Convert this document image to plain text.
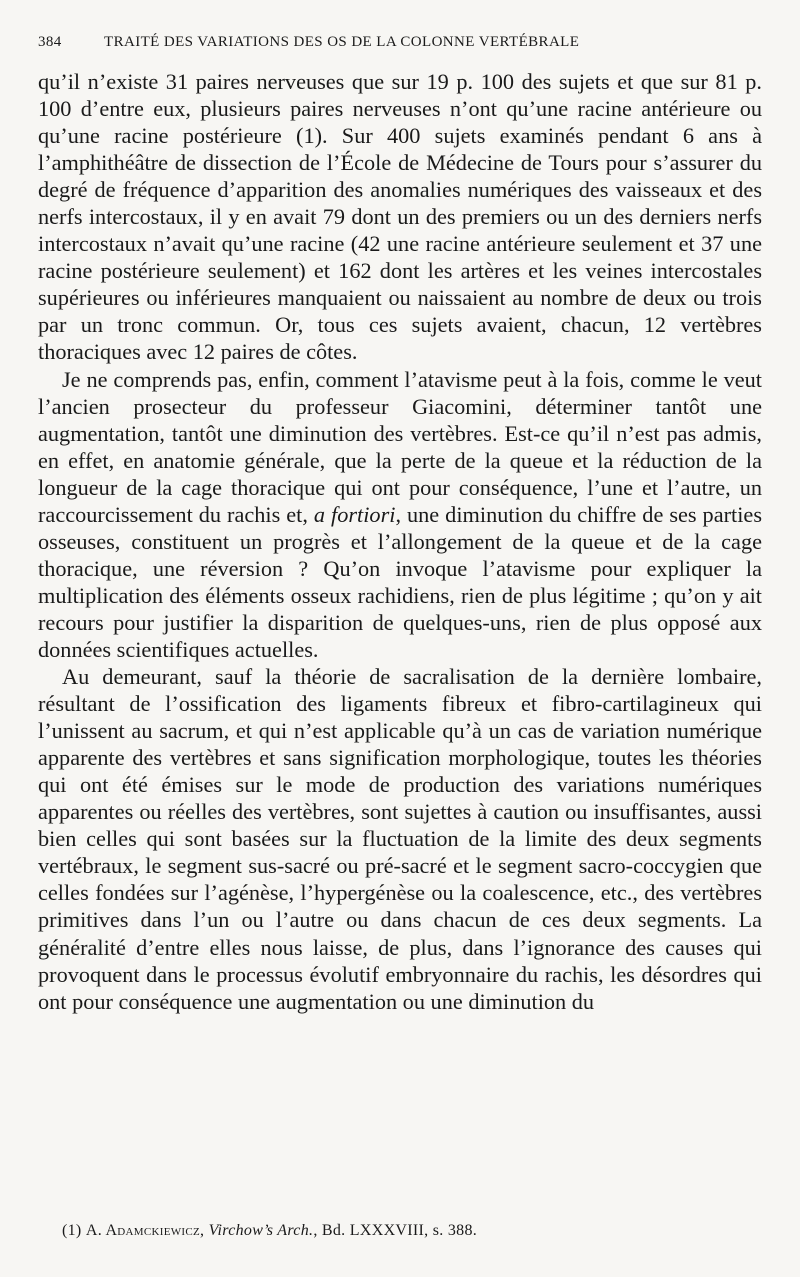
384	TRAITÉ DES VARIATIONS DES OS DE LA COLONNE VERTÉBRALE

qu’il n’existe 31 paires nerveuses que sur 19 p. 100 des sujets et que sur 81 p. 100 d’entre eux, plusieurs paires nerveuses n’ont qu’une racine antérieure ou qu’une racine postérieure (1). Sur 400 sujets examinés pendant 6 ans à l’amphithéâtre de dissection de l’École de Médecine de Tours pour s’assurer du degré de fréquence d’apparition des anomalies numériques des vaisseaux et des nerfs intercostaux, il y en avait 79 dont un des premiers ou un des derniers nerfs intercostaux n’avait qu’une racine (42 une racine antérieure seulement et 37 une racine postérieure seulement) et 162 dont les artères et les veines intercostales supérieures ou inférieures manquaient ou naissaient au nombre de deux ou trois par un tronc commun. Or, tous ces sujets avaient, chacun, 12 vertèbres thoraciques avec 12 paires de côtes.

Je ne comprends pas, enfin, comment l’atavisme peut à la fois, comme le veut l’ancien prosecteur du professeur Giacomini, déterminer tantôt une augmentation, tantôt une diminution des vertèbres. Est-ce qu’il n’est pas admis, en effet, en anatomie générale, que la perte de la queue et la réduction de la longueur de la cage thoracique qui ont pour conséquence, l’une et l’autre, un raccourcissement du rachis et, a fortiori, une diminution du chiffre de ses parties osseuses, constituent un progrès et l’allongement de la queue et de la cage thoracique, une réversion ? Qu’on invoque l’atavisme pour expliquer la multiplication des éléments osseux rachidiens, rien de plus légitime ; qu’on y ait recours pour justifier la disparition de quelques-uns, rien de plus opposé aux données scientifiques actuelles.

Au demeurant, sauf la théorie de sacralisation de la dernière lombaire, résultant de l’ossification des ligaments fibreux et fibro-cartilagineux qui l’unissent au sacrum, et qui n’est applicable qu’à un cas de variation numérique apparente des vertèbres et sans signification morphologique, toutes les théories qui ont été émises sur le mode de production des variations numériques apparentes ou réelles des vertèbres, sont sujettes à caution ou insuffisantes, aussi bien celles qui sont basées sur la fluctuation de la limite des deux segments vertébraux, le segment sus-sacré ou pré-sacré et le segment sacro-coccygien que celles fondées sur l’agénèse, l’hypergénèse ou la coalescence, etc., des vertèbres primitives dans l’un ou l’autre ou dans chacun de ces deux segments. La généralité d’entre elles nous laisse, de plus, dans l’ignorance des causes qui provoquent dans le processus évolutif embryonnaire du rachis, les désordres qui ont pour conséquence une augmentation ou une diminution du

(1) A. Adamckiewicz, Virchow’s Arch., Bd. LXXXVIII, s. 388.
